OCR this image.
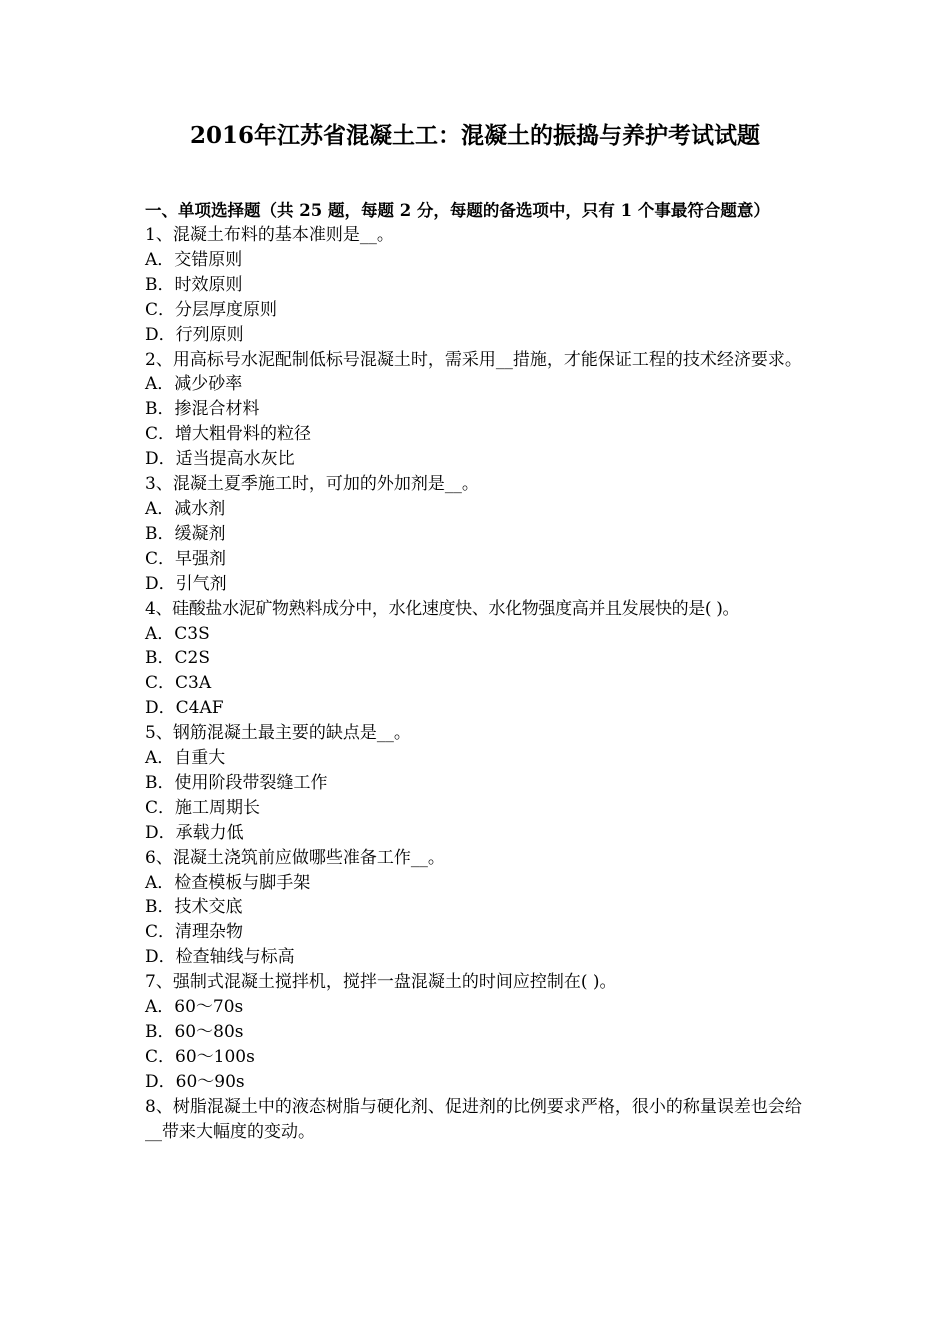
2016年江苏省混凝土工：混凝土的振捣与养护考试试题

一、单项选择题（共 25 题，每题 2 分，每题的备选项中，只有 1 个事最符合题意）

1、混凝土布料的基本准则是__。

A．交错原则

B．时效原则

C．分层厚度原则

D．行列原则

2、用高标号水泥配制低标号混凝土时，需采用__措施，才能保证工程的技术经济要求。

A．减少砂率

B．掺混合材料

C．增大粗骨料的粒径

D．适当提高水灰比

3、混凝土夏季施工时，可加的外加剂是__。

A．减水剂

B．缓凝剂

C．早强剂

D．引气剂

4、硅酸盐水泥矿物熟料成分中，水化速度快、水化物强度高并且发展快的是( )。

A．C3S

B．C2S

C．C3A

D．C4AF

5、钢筋混凝土最主要的缺点是__。

A．自重大

B．使用阶段带裂缝工作

C．施工周期长

D．承载力低

6、混凝土浇筑前应做哪些准备工作__。

A．检查模板与脚手架

B．技术交底

C．清理杂物

D．检查轴线与标高

7、强制式混凝土搅拌机，搅拌一盘混凝土的时间应控制在( )。

A．60～70s

B．60～80s

C．60～100s

D．60～90s

8、树脂混凝土中的液态树脂与硬化剂、促进剂的比例要求严格，很小的称量误差也会给__带来大幅度的变动。
